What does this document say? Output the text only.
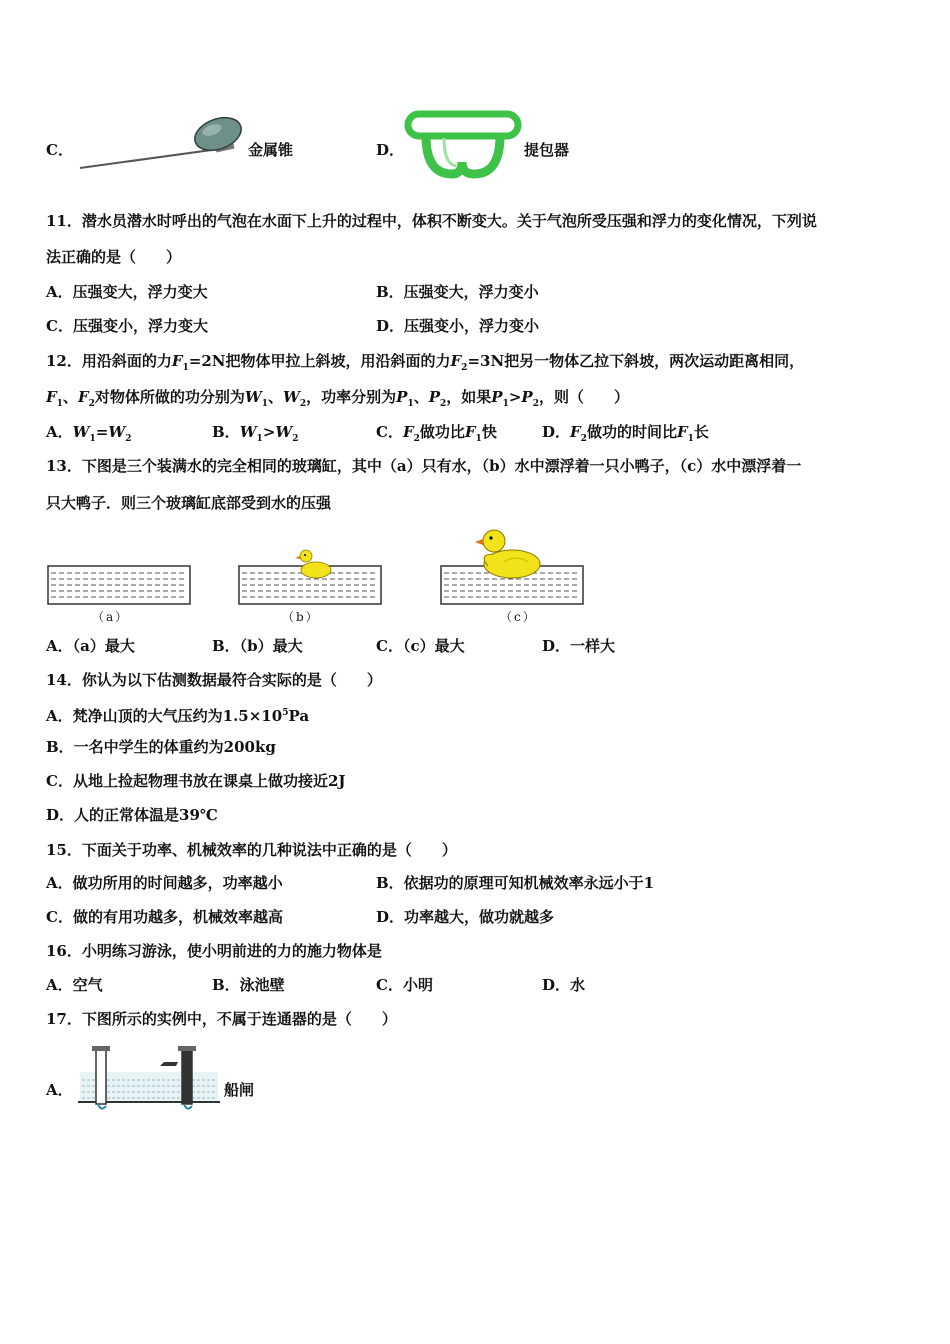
C．	金属锥	D．	提包器
11．潜水员潜水时呼出的气泡在水面下上升的过程中，体积不断变大。关于气泡所受压强和浮力的变化情况，下列说
法正确的是（　　）
A．压强变大，浮力变大	B．压强变大，浮力变小
C．压强变小，浮力变大	D．压强变小，浮力变小
12．用沿斜面的力$F_1=2N$把物体甲拉上斜坡，用沿斜面的力$F_2=3N$把另一物体乙拉下斜坡，两次运动距离相同，
$F_1$、$F_2$对物体所做的功分别为$W_1$、$W_2$，功率分别为$P_1$、$P_2$，如果$P_1>P_2$，则（　　）
A．$W_1=W_2$	B．$W_1>W_2$	C．$F_2$做功比$F_1$快	D．$F_2$做功的时间比$F_1$长
13．下图是三个装满水的完全相同的玻璃缸，其中（a）只有水，（b）水中漂浮着一只小鸭子，（c）水中漂浮着一
只大鸭子．则三个玻璃缸底部受到水的压强
（a）	（b）	（c）
A．（a）最大	B．（b）最大	C．（c）最大	D．一样大
14．你认为以下估测数据最符合实际的是（　　）
A．梵净山顶的大气压约为$1.5\times 10^5Pa$
B．一名中学生的体重约为200kg
C．从地上捡起物理书放在课桌上做功接近2J
D．人的正常体温是39℃
15．下面关于功率、机械效率的几种说法中正确的是（　　）
A．做功所用的时间越多，功率越小	B．依据功的原理可知机械效率永远小于1
C．做的有用功越多，机械效率越高	D．功率越大，做功就越多
16．小明练习游泳，使小明前进的力的施力物体是
A．空气	B．泳池壁	C．小明	D．水
17．下图所示的实例中，不属于连通器的是（　　）
A．	船闸
